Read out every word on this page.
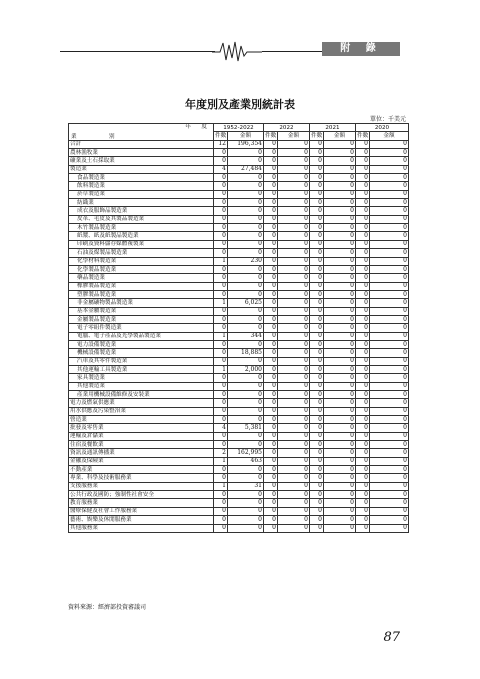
附 錄
年度別及產業別統計表
單位：千美元
年 度
業 別	1952-2022		2022		2021		2020	
	件數	金額	件數	金額	件數	金額	件數	金額
合計	12	196,354	0	0	0	0	0	0
農林漁牧業	0	0	0	0	0	0	0	0
礦業及土石採取業	0	0	0	0	0	0	0	0
製造業	4	27,484	0	0	0	0	0	0
食品製造業	0	0	0	0	0	0	0	0
飲料製造業	0	0	0	0	0	0	0	0
菸草製造業	0	0	0	0	0	0	0	0
紡織業	0	0	0	0	0	0	0	0
成衣及服飾品製造業	0	0	0	0	0	0	0	0
皮革、毛皮及其製品製造業	0	0	0	0	0	0	0	0
木竹製品製造業	0	0	0	0	0	0	0	0
紙漿、紙及紙製品製造業	0	0	0	0	0	0	0	0
印刷及資料儲存媒體複製業	0	0	0	0	0	0	0	0
石油及煤製品製造業	0	0	0	0	0	0	0	0
化學材料製造業	1	230	0	0	0	0	0	0
化學製品製造業	0	0	0	0	0	0	0	0
藥品製造業	0	0	0	0	0	0	0	0
橡膠製品製造業	0	0	0	0	0	0	0	0
塑膠製品製造業	0	0	0	0	0	0	0	0
非金屬礦物製品製造業	1	6,025	0	0	0	0	0	0
基本金屬製造業	0	0	0	0	0	0	0	0
金屬製品製造業	0	0	0	0	0	0	0	0
電子零組件製造業	0	0	0	0	0	0	0	0
電腦、電子產品及光學製品製造業	1	344	0	0	0	0	0	0
電力設備製造業	0	0	0	0	0	0	0	0
機械設備製造業	0	18,885	0	0	0	0	0	0
汽車及其零件製造業	0	0	0	0	0	0	0	0
其他運輸工具製造業	1	2,000	0	0	0	0	0	0
家具製造業	0	0	0	0	0	0	0	0
其他製造業	0	0	0	0	0	0	0	0
產業用機械設備維修及安裝業	0	0	0	0	0	0	0	0
電力及燃氣供應業	0	0	0	0	0	0	0	0
用水供應及污染整治業	0	0	0	0	0	0	0	0
營造業	0	0	0	0	0	0	0	0
批發及零售業	4	5,381	0	0	0	0	0	0
運輸及倉儲業	0	0	0	0	0	0	0	0
住宿及餐飲業	0	0	0	0	0	0	0	0
資訊及通訊傳播業	2	162,995	0	0	0	0	0	0
金融及保險業	1	463	0	0	0	0	0	0
不動產業	0	0	0	0	0	0	0	0
專業、科學及技術服務業	0	0	0	0	0	0	0	0
支援服務業	1	31	0	0	0	0	0	0
公共行政及國防；強制性社會安全	0	0	0	0	0	0	0	0
教育服務業	0	0	0	0	0	0	0	0
醫療保健及社會工作服務業	0	0	0	0	0	0	0	0
藝術、娛樂及休閒服務業	0	0	0	0	0	0	0	0
其他服務業	0	0	0	0	0	0	0	0
資料來源：經濟部投資審議司
87
